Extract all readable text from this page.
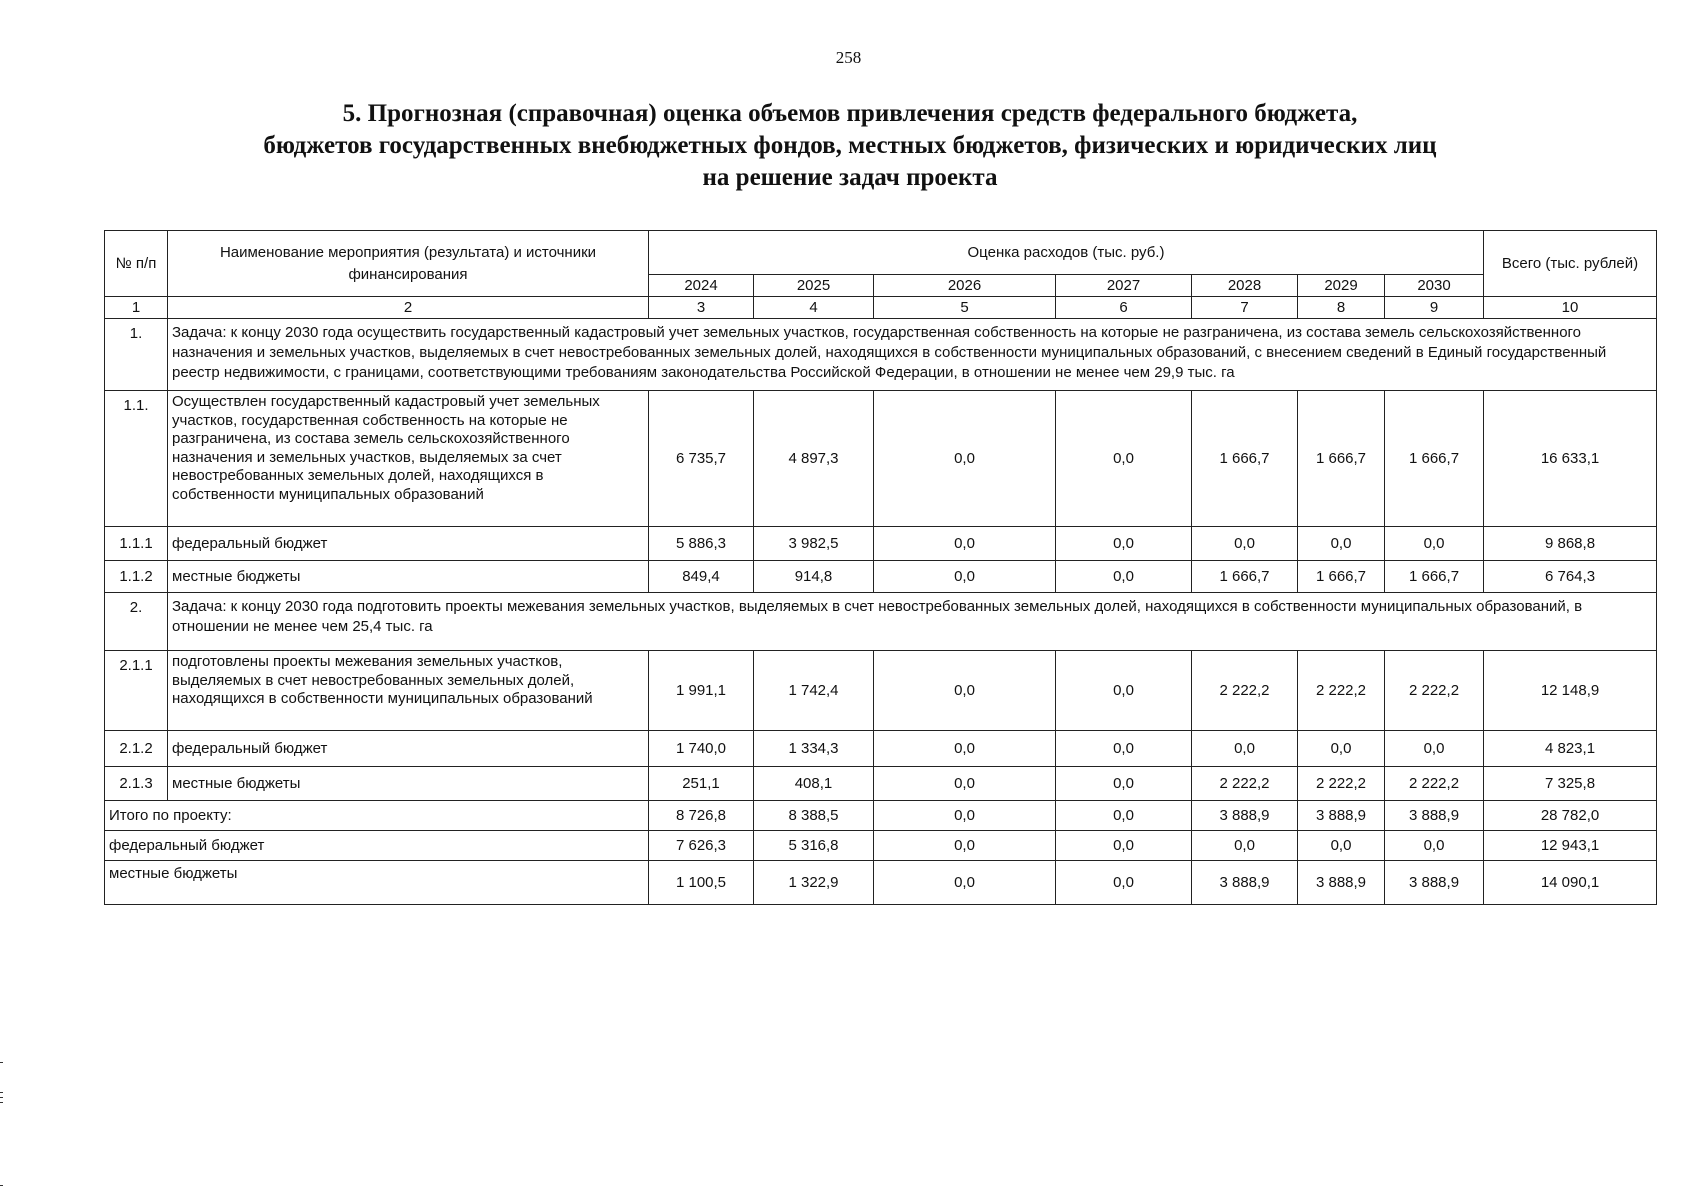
258
5. Прогнозная (справочная) оценка объемов привлечения средств федерального бюджета,
бюджетов государственных внебюджетных фондов, местных бюджетов, физических и юридических лиц
на решение задач проекта
№ п/п	Наименование мероприятия (результата) и источники финансирования	Оценка расходов (тыс. руб.)							Всего (тыс. рублей)
		2024	2025	2026	2027	2028	2029	2030	
1	2	3	4	5	6	7	8	9	10
1.	Задача: к концу 2030 года осуществить государственный кадастровый учет земельных участков, государственная собственность на которые не разграничена, из состава земель сельскохозяйственного назначения и земельных участков, выделяемых в счет невостребованных земельных долей, находящихся в собственности муниципальных образований, с внесением сведений в Единый государственный реестр недвижимости, с границами, соответствующими требованиям законодательства Российской Федерации, в отношении не менее чем 29,9 тыс. га								
1.1.	Осуществлен государственный кадастровый учет земельных участков, государственная собственность на которые не разграничена, из состава земель сельскохозяйственного назначения и земельных участков, выделяемых за счет невостребованных земельных долей, находящихся в собственности муниципальных образований	6 735,7	4 897,3	0,0	0,0	1 666,7	1 666,7	1 666,7	16 633,1
1.1.1	федеральный бюджет	5 886,3	3 982,5	0,0	0,0	0,0	0,0	0,0	9 868,8
1.1.2	местные бюджеты	849,4	914,8	0,0	0,0	1 666,7	1 666,7	1 666,7	6 764,3
2.	Задача: к концу 2030 года подготовить проекты межевания земельных участков, выделяемых в счет невостребованных земельных долей, находящихся в собственности муниципальных образований, в отношении не менее чем 25,4 тыс. га								
2.1.1	подготовлены проекты межевания земельных участков, выделяемых в счет невостребованных земельных долей, находящихся в собственности муниципальных образований	1 991,1	1 742,4	0,0	0,0	2 222,2	2 222,2	2 222,2	12 148,9
2.1.2	федеральный бюджет	1 740,0	1 334,3	0,0	0,0	0,0	0,0	0,0	4 823,1
2.1.3	местные бюджеты	251,1	408,1	0,0	0,0	2 222,2	2 222,2	2 222,2	7 325,8
Итого по проекту:		8 726,8	8 388,5	0,0	0,0	3 888,9	3 888,9	3 888,9	28 782,0
федеральный бюджет		7 626,3	5 316,8	0,0	0,0	0,0	0,0	0,0	12 943,1
местные бюджеты		1 100,5	1 322,9	0,0	0,0	3 888,9	3 888,9	3 888,9	14 090,1
